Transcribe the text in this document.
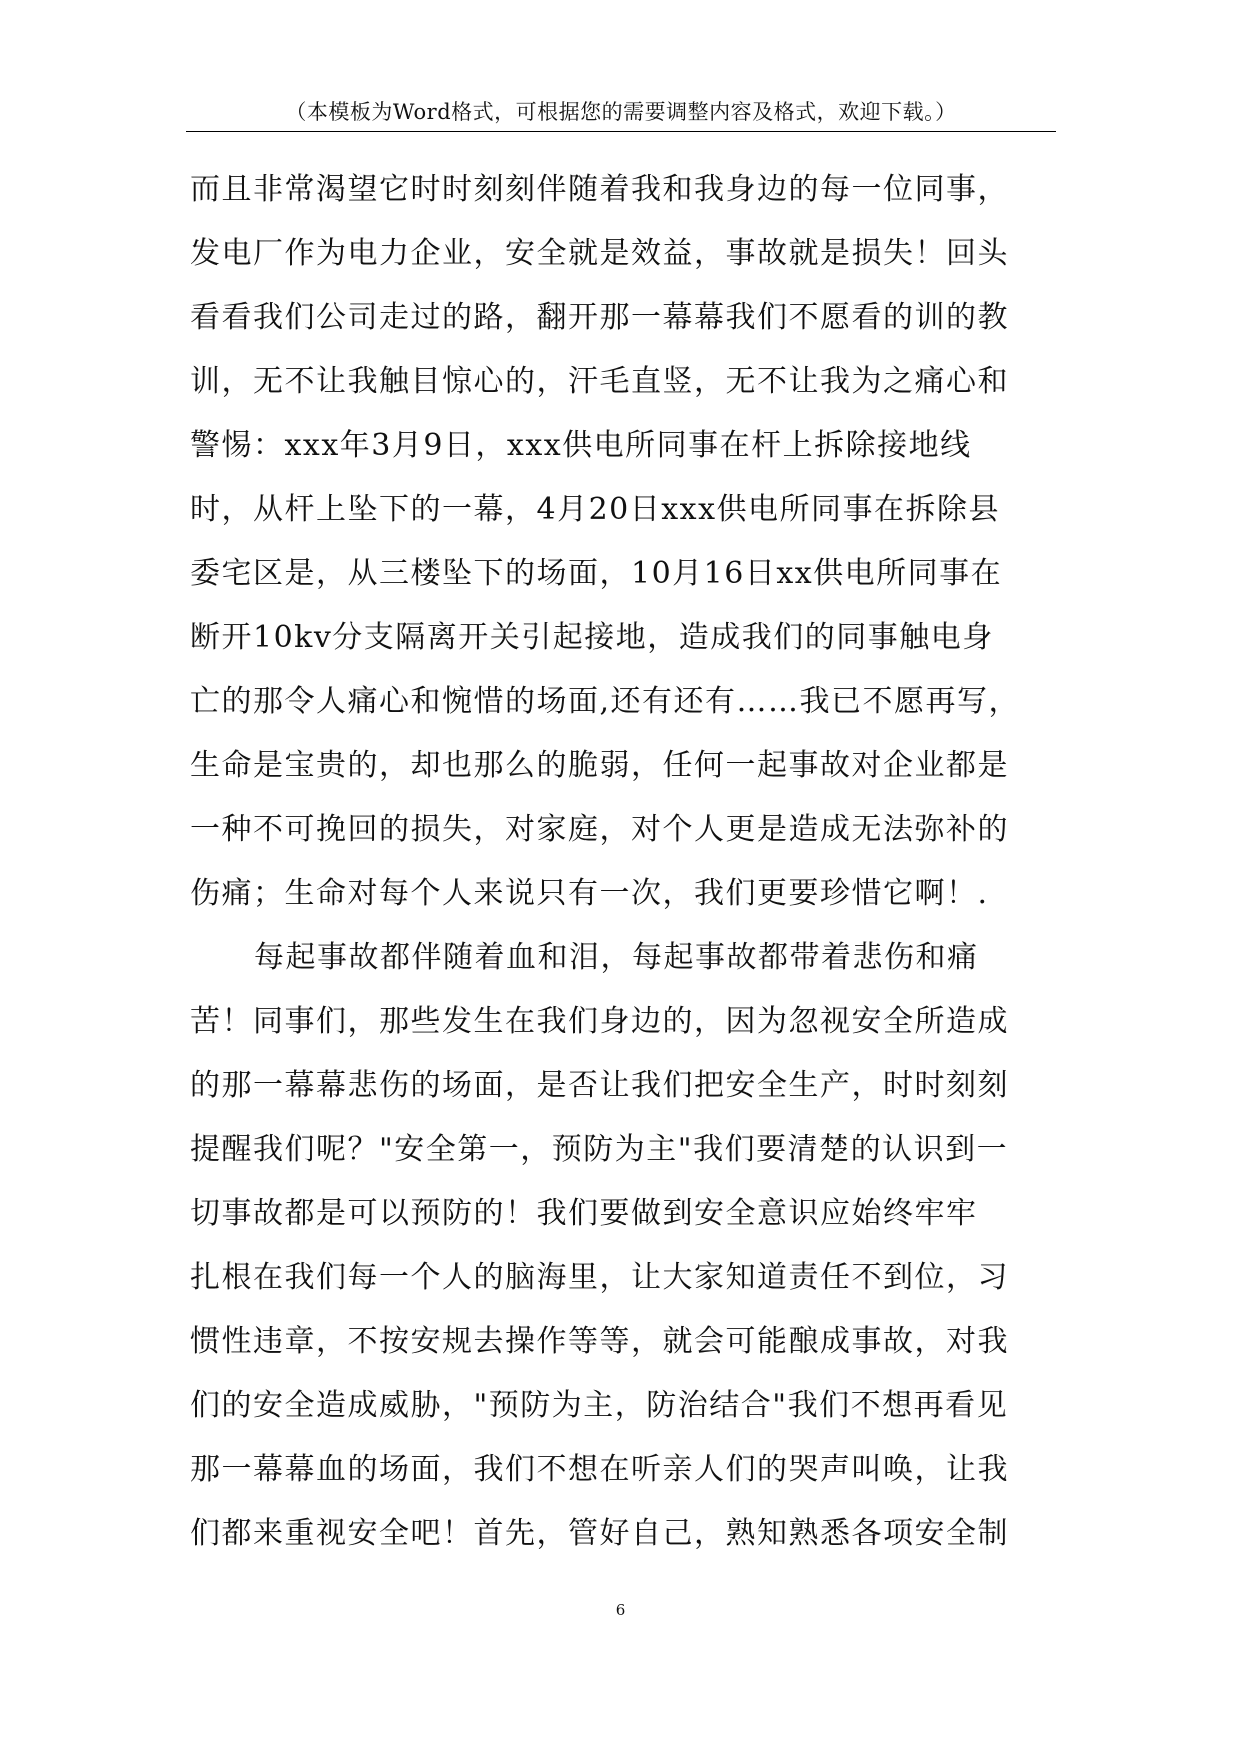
（本模板为Word格式，可根据您的需要调整内容及格式，欢迎下载。）
而且非常渴望它时时刻刻伴随着我和我身边的每一位同事，
发电厂作为电力企业，安全就是效益，事故就是损失！回头
看看我们公司走过的路，翻开那一幕幕我们不愿看的训的教
训，无不让我触目惊心的，汗毛直竖，无不让我为之痛心和
警惕：xxx年3月9日，xxx供电所同事在杆上拆除接地线
时，从杆上坠下的一幕，4月20日xxx供电所同事在拆除县
委宅区是，从三楼坠下的场面，10月16日xx供电所同事在
断开10kv分支隔离开关引起接地，造成我们的同事触电身
亡的那令人痛心和惋惜的场面,还有还有……我已不愿再写，
生命是宝贵的，却也那么的脆弱，任何一起事故对企业都是
一种不可挽回的损失，对家庭，对个人更是造成无法弥补的
伤痛；生命对每个人来说只有一次，我们更要珍惜它啊！.
每起事故都伴随着血和泪，每起事故都带着悲伤和痛
苦！同事们，那些发生在我们身边的，因为忽视安全所造成
的那一幕幕悲伤的场面，是否让我们把安全生产，时时刻刻
提醒我们呢？"安全第一，预防为主"我们要清楚的认识到一
切事故都是可以预防的！我们要做到安全意识应始终牢牢
扎根在我们每一个人的脑海里，让大家知道责任不到位，习
惯性违章，不按安规去操作等等，就会可能酿成事故，对我
们的安全造成威胁，"预防为主，防治结合"我们不想再看见
那一幕幕血的场面，我们不想在听亲人们的哭声叫唤，让我
们都来重视安全吧！首先，管好自己，熟知熟悉各项安全制
6
